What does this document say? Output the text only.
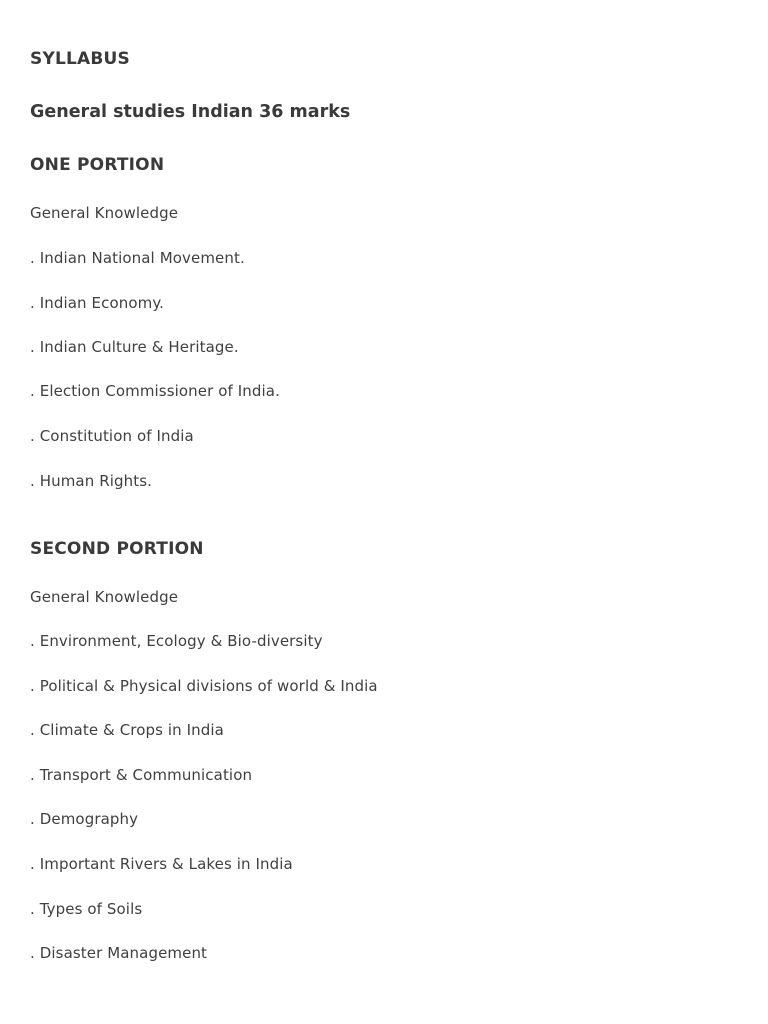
SYLLABUS
General studies Indian 36 marks
ONE PORTION
General Knowledge
. Indian National Movement.
. Indian Economy.
. Indian Culture & Heritage.
. Election Commissioner of India.
. Constitution of India
. Human Rights.
SECOND PORTION
General Knowledge
. Environment, Ecology & Bio-diversity
. Political & Physical divisions of world & India
. Climate & Crops in India
. Transport & Communication
. Demography
. Important Rivers & Lakes in India
. Types of Soils
. Disaster Management
